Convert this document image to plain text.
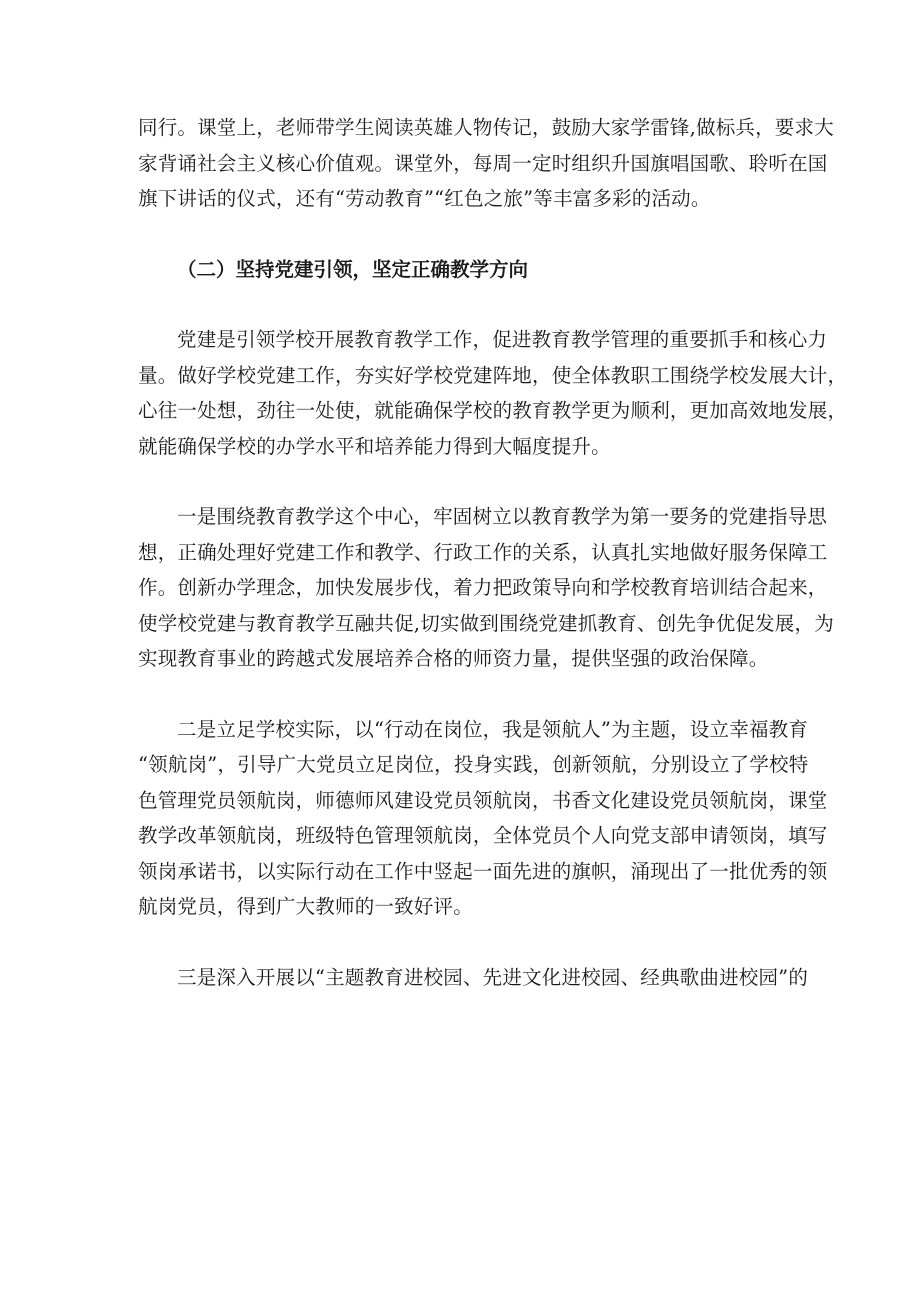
同行。课堂上，老师带学生阅读英雄人物传记，鼓励大家学雷锋,做标兵，要求大
家背诵社会主义核心价值观。课堂外，每周一定时组织升国旗唱国歌、聆听在国
旗下讲话的仪式，还有“劳动教育”“红色之旅”等丰富多彩的活动。
（二）坚持党建引领，坚定正确教学方向
党建是引领学校开展教育教学工作，促进教育教学管理的重要抓手和核心力
量。做好学校党建工作，夯实好学校党建阵地，使全体教职工围绕学校发展大计，
心往一处想，劲往一处使，就能确保学校的教育教学更为顺利，更加高效地发展，
就能确保学校的办学水平和培养能力得到大幅度提升。
一是围绕教育教学这个中心，牢固树立以教育教学为第一要务的党建指导思
想，正确处理好党建工作和教学、行政工作的关系，认真扎实地做好服务保障工
作。创新办学理念，加快发展步伐，着力把政策导向和学校教育培训结合起来，
使学校党建与教育教学互融共促,切实做到围绕党建抓教育、创先争优促发展，为
实现教育事业的跨越式发展培养合格的师资力量，提供坚强的政治保障。
二是立足学校实际，以“行动在岗位，我是领航人”为主题，设立幸福教育
“领航岗”，引导广大党员立足岗位，投身实践，创新领航，分别设立了学校特
色管理党员领航岗，师德师风建设党员领航岗，书香文化建设党员领航岗，课堂
教学改革领航岗，班级特色管理领航岗，全体党员个人向党支部申请领岗，填写
领岗承诺书，以实际行动在工作中竖起一面先进的旗帜，涌现出了一批优秀的领
航岗党员，得到广大教师的一致好评。
三是深入开展以“主题教育进校园、先进文化进校园、经典歌曲进校园”的
